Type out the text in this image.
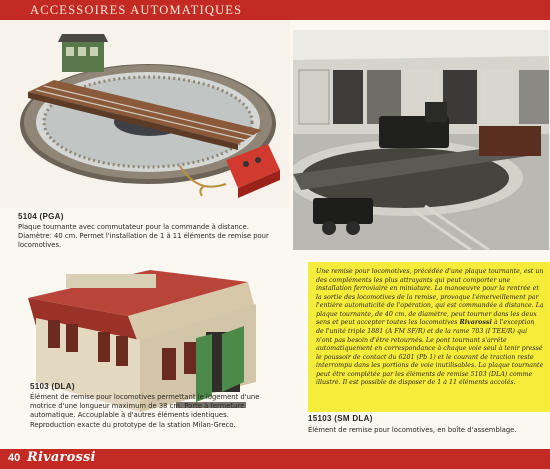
ACCESSOIRES AUTOMATIQUES
5104 (PGA)

Plaque tournante avec commutateur pour la commande à distance. Diamètre: 40 cm. Permet l'installation de 1 à 11 éléments de remise pour locomotives.

5103 (DLA)

Élément de remise pour locomotives permettant le logement d'une motrice d'une longueur maximum de 38 cm. Porte à fermeture automatique. Accouplable à d'autres éléments identiques. Reproduction exacte du prototype de la station Milan-Greco.

Une remise pour locomotives, précédée d'une plaque tournante, est un des compléments les plus attrayants qui peut comporter une installation ferroviaire en miniature. La manoeuvre pour la rentrée et la sortie des locomotives de la remise, provoque l'émerveillement par l'entière automaticité de l'opération, qui est commandée à distance. La plaque tournante, de 40 cm. de diamètre, peut tourner dans les deux sens et peut accepter toutes les locomotives Rivarossi à l'exception de l'unité triple 1881 (A FM SF/R) et de la rame 703 (I TEE/R) qui n'ont pas besoin d'être retournés. Le pont tournant s'arrête automatiquement en correspondance à chaque voie seul à tenir pressé le poussoir de contact du 6201 (Pb 1) et le courant de traction reste interrompu dans les portions de voie inutilisables. La plaque tournante peut être complétée par les éléments de remise 5103 (DLA) comme illustré. Il est possible de disposer de 1 à 11 éléments accolés.

15103 (SM DLA)

Élément de remise pour locomotives, en boîte d'assemblage.

40 Rivarossi
